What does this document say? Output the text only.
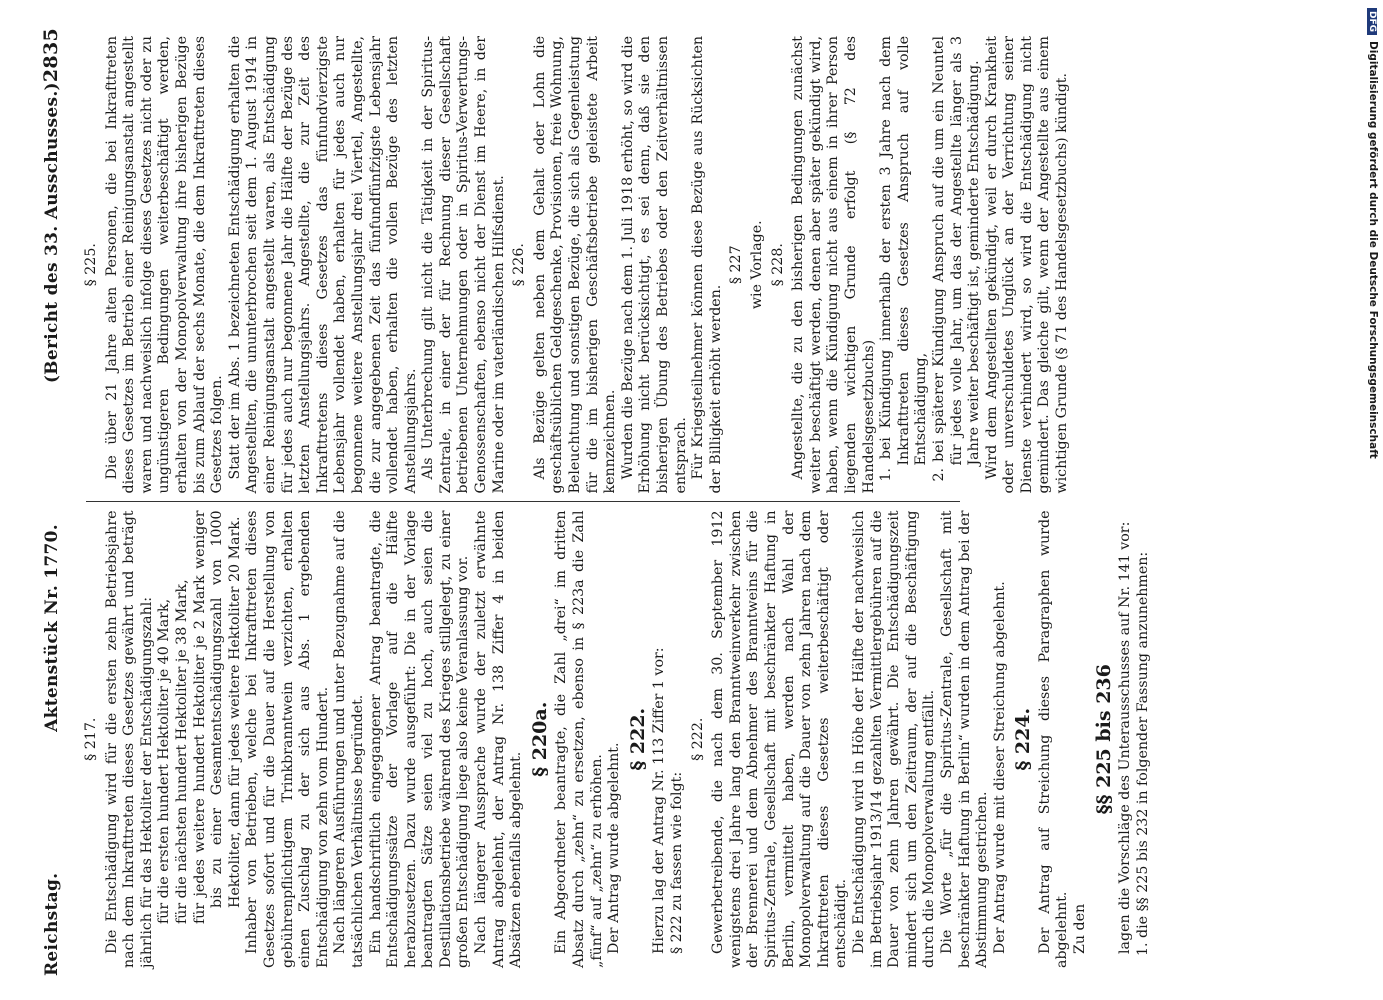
Reichstag.
Aktenstück Nr. 1770.
(Bericht des 33. Ausschusses.)
2835

§ 217. Die Entschädigung wird für die ersten zehn Betriebsjahre nach dem Inkrafttreten dieses Gesetzes gewährt und beträgt jährlich für das Hektoliter der Entschädigungszahl: für die ersten hundert Hektoliter je 40 Mark, für die nächsten hundert Hektoliter je 38 Mark, für jedes weitere hundert Hektoliter je 2 Mark weniger bis zu einer Gesamtentschädigungszahl von 1000 Hektoliter, dann für jedes weitere Hektoliter 20 Mark. Inhaber von Betrieben, welche bei Inkrafttreten dieses Gesetzes sofort und für die Dauer auf die Herstellung von gebührenpflichtigem Trinkbranntwein verzichten, erhalten einen Zuschlag zu der sich aus Abs. 1 ergebenden Entschädigung von zehn vom Hundert. Nach längeren Ausführungen und unter Bezugnahme auf die tatsächlichen Verhältnisse begründet. Ein handschriftlich eingegangener Antrag beantragte, die Entschädigungssätze der Vorlage auf die Hälfte herabzusetzen. Dazu wurde ausgeführt: Die in der Vorlage beantragten Sätze seien viel zu hoch, auch seien die Destillationsbetriebe während des Krieges stillgelegt, zu einer großen Entschädigung liege also keine Veranlassung vor. Nach längerer Aussprache wurde der zuletzt erwähnte Antrag abgelehnt, der Antrag Nr. 138 Ziffer 4 in beiden Absätzen ebenfalls abgelehnt.

§ 220a. Ein Abgeordneter beantragte, die Zahl „drei“ im dritten Absatz durch „zehn“ zu ersetzen, ebenso in § 223a die Zahl „fünf“ auf „zehn“ zu erhöhen. Der Antrag wurde abgelehnt.

§ 222. Hierzu lag der Antrag Nr. 113 Ziffer 1 vor: § 222 zu fassen wie folgt:

§ 222. Gewerbetreibende, die nach dem 30. September 1912 wenigstens drei Jahre lang den Branntweinverkehr zwischen der Brennerei und dem Abnehmer des Branntweins für die Spiritus-Zentrale, Gesellschaft mit beschränkter Haftung in Berlin, vermittelt haben, werden nach Wahl der Monopolverwaltung auf die Dauer von zehn Jahren nach dem Inkrafttreten dieses Gesetzes weiterbeschäftigt oder entschädigt. Die Entschädigung wird in Höhe der Hälfte der nachweislich im Betriebsjahr 1913/14 gezahlten Vermittlergebühren auf die Dauer von zehn Jahren gewährt. Die Entschädigungszeit mindert sich um den Zeitraum, der auf die Beschäftigung durch die Monopolverwaltung entfällt. Die Worte „für die Spiritus-Zentrale, Gesellschaft mit beschränkter Haftung in Berlin“ wurden in dem Antrag bei der Abstimmung gestrichen. Der Antrag wurde mit dieser Streichung abgelehnt. § 224. Der Antrag auf Streichung dieses Paragraphen wurde abgelehnt. Zu den

§§ 225 bis 236 lagen die Vorschläge des Unterausschusses auf Nr. 141 vor: 1. die §§ 225 bis 232 in folgender Fassung anzunehmen:

§ 225. Die über 21 Jahre alten Personen, die bei Inkrafttreten dieses Gesetzes im Betrieb einer Reinigungsanstalt angestellt waren und nachweislich infolge dieses Gesetzes nicht oder zu ungünstigeren Bedingungen weiterbeschäftigt werden, erhalten von der Monopolverwaltung ihre bisherigen Bezüge bis zum Ablauf der sechs Monate, die dem Inkrafttreten dieses Gesetzes folgen. Statt der im Abs. 1 bezeichneten Entschädigung erhalten die Angestellten, die ununterbrochen seit dem 1. August 1914 in einer Reinigungsanstalt angestellt waren, als Entschädigung für jedes auch nur begonnene Jahr die Hälfte der Bezüge des letzten Anstellungsjahrs. Angestellte, die zur Zeit des Inkrafttretens dieses Gesetzes das fünfundvierzigste Lebensjahr vollendet haben, erhalten für jedes auch nur begonnene weitere Anstellungsjahr drei Viertel, Angestellte, die zur angegebenen Zeit das fünfundfünfzigste Lebensjahr vollendet haben, erhalten die vollen Bezüge des letzten Anstellungsjahrs. Als Unterbrechung gilt nicht die Tätigkeit in der Spiritus-Zentrale, in einer der für Rechnung dieser Gesellschaft betriebenen Unternehmungen oder in Spiritus-Verwertungs-Genossenschaften, ebenso nicht der Dienst im Heere, in der Marine oder im vaterländischen Hilfsdienst. § 226. Als Bezüge gelten neben dem Gehalt oder Lohn die geschäftsüblichen Geldgeschenke, Provisionen, freie Wohnung, Beleuchtung und sonstigen Bezüge, die sich als Gegenleistung für die im bisherigen Geschäftsbetriebe geleistete Arbeit kennzeichnen. Wurden die Bezüge nach dem 1. Juli 1918 erhöht, so wird die Erhöhung nicht berücksichtigt, es sei denn, daß sie den bisherigen Übung des Betriebes oder den Zeitverhältnissen entsprach. Für Kriegsteilnehmer können diese Bezüge aus Rücksichten der Billigkeit erhöht werden.

§ 227 wie Vorlage. § 228. Angestellte, die zu den bisherigen Bedingungen zunächst weiter beschäftigt werden, denen aber später gekündigt wird, haben, wenn die Kündigung nicht aus einem in ihrer Person liegenden wichtigen Grunde erfolgt (§ 72 des Handelsgesetzbuchs) 1. bei Kündigung innerhalb der ersten 3 Jahre nach dem Inkrafttreten dieses Gesetzes Anspruch auf volle Entschädigung, 2. bei späterer Kündigung Anspruch auf die um ein Neuntel für jedes volle Jahr, um das der Angestellte länger als 3 Jahre weiter beschäftigt ist, geminderte Entschädigung. Wird dem Angestellten gekündigt, weil er durch Krankheit oder unverschuldetes Unglück an der Verrichtung seiner Dienste verhindert wird, so wird die Entschädigung nicht gemindert. Das gleiche gilt, wenn der Angestellte aus einem wichtigen Grunde (§ 71 des Handelsgesetzbuchs) kündigt.

DFGDigitalisierung gefördert durch die Deutsche Forschungsgemeinschaft
